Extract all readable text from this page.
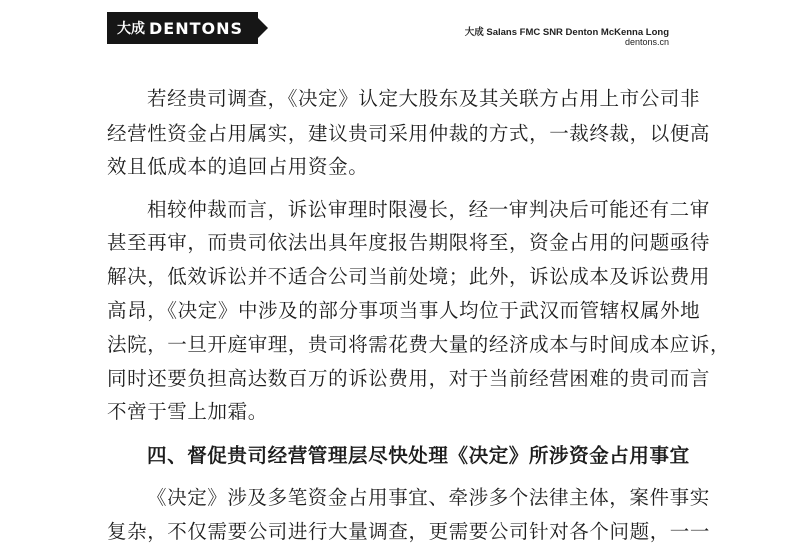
大成 DENTONS	大成 Salans FMC SNR Denton McKenna Long
dentons.cn
若经贵司调查，《决定》认定大股东及其关联方占用上市公司非
经营性资金占用属实，建议贵司采用仲裁的方式，一裁终裁，以便高
效且低成本的追回占用资金。
相较仲裁而言，诉讼审理时限漫长，经一审判决后可能还有二审
甚至再审，而贵司依法出具年度报告期限将至，资金占用的问题亟待
解决，低效诉讼并不适合公司当前处境；此外，诉讼成本及诉讼费用
高昂，《决定》中涉及的部分事项当事人均位于武汉而管辖权属外地
法院，一旦开庭审理，贵司将需花费大量的经济成本与时间成本应诉，
同时还要负担高达数百万的诉讼费用，对于当前经营困难的贵司而言
不啻于雪上加霜。
四、督促贵司经营管理层尽快处理《决定》所涉资金占用事宜
《决定》涉及多笔资金占用事宜、牵涉多个法律主体，案件事实
复杂，不仅需要公司进行大量调查，更需要公司针对各个问题，一一
